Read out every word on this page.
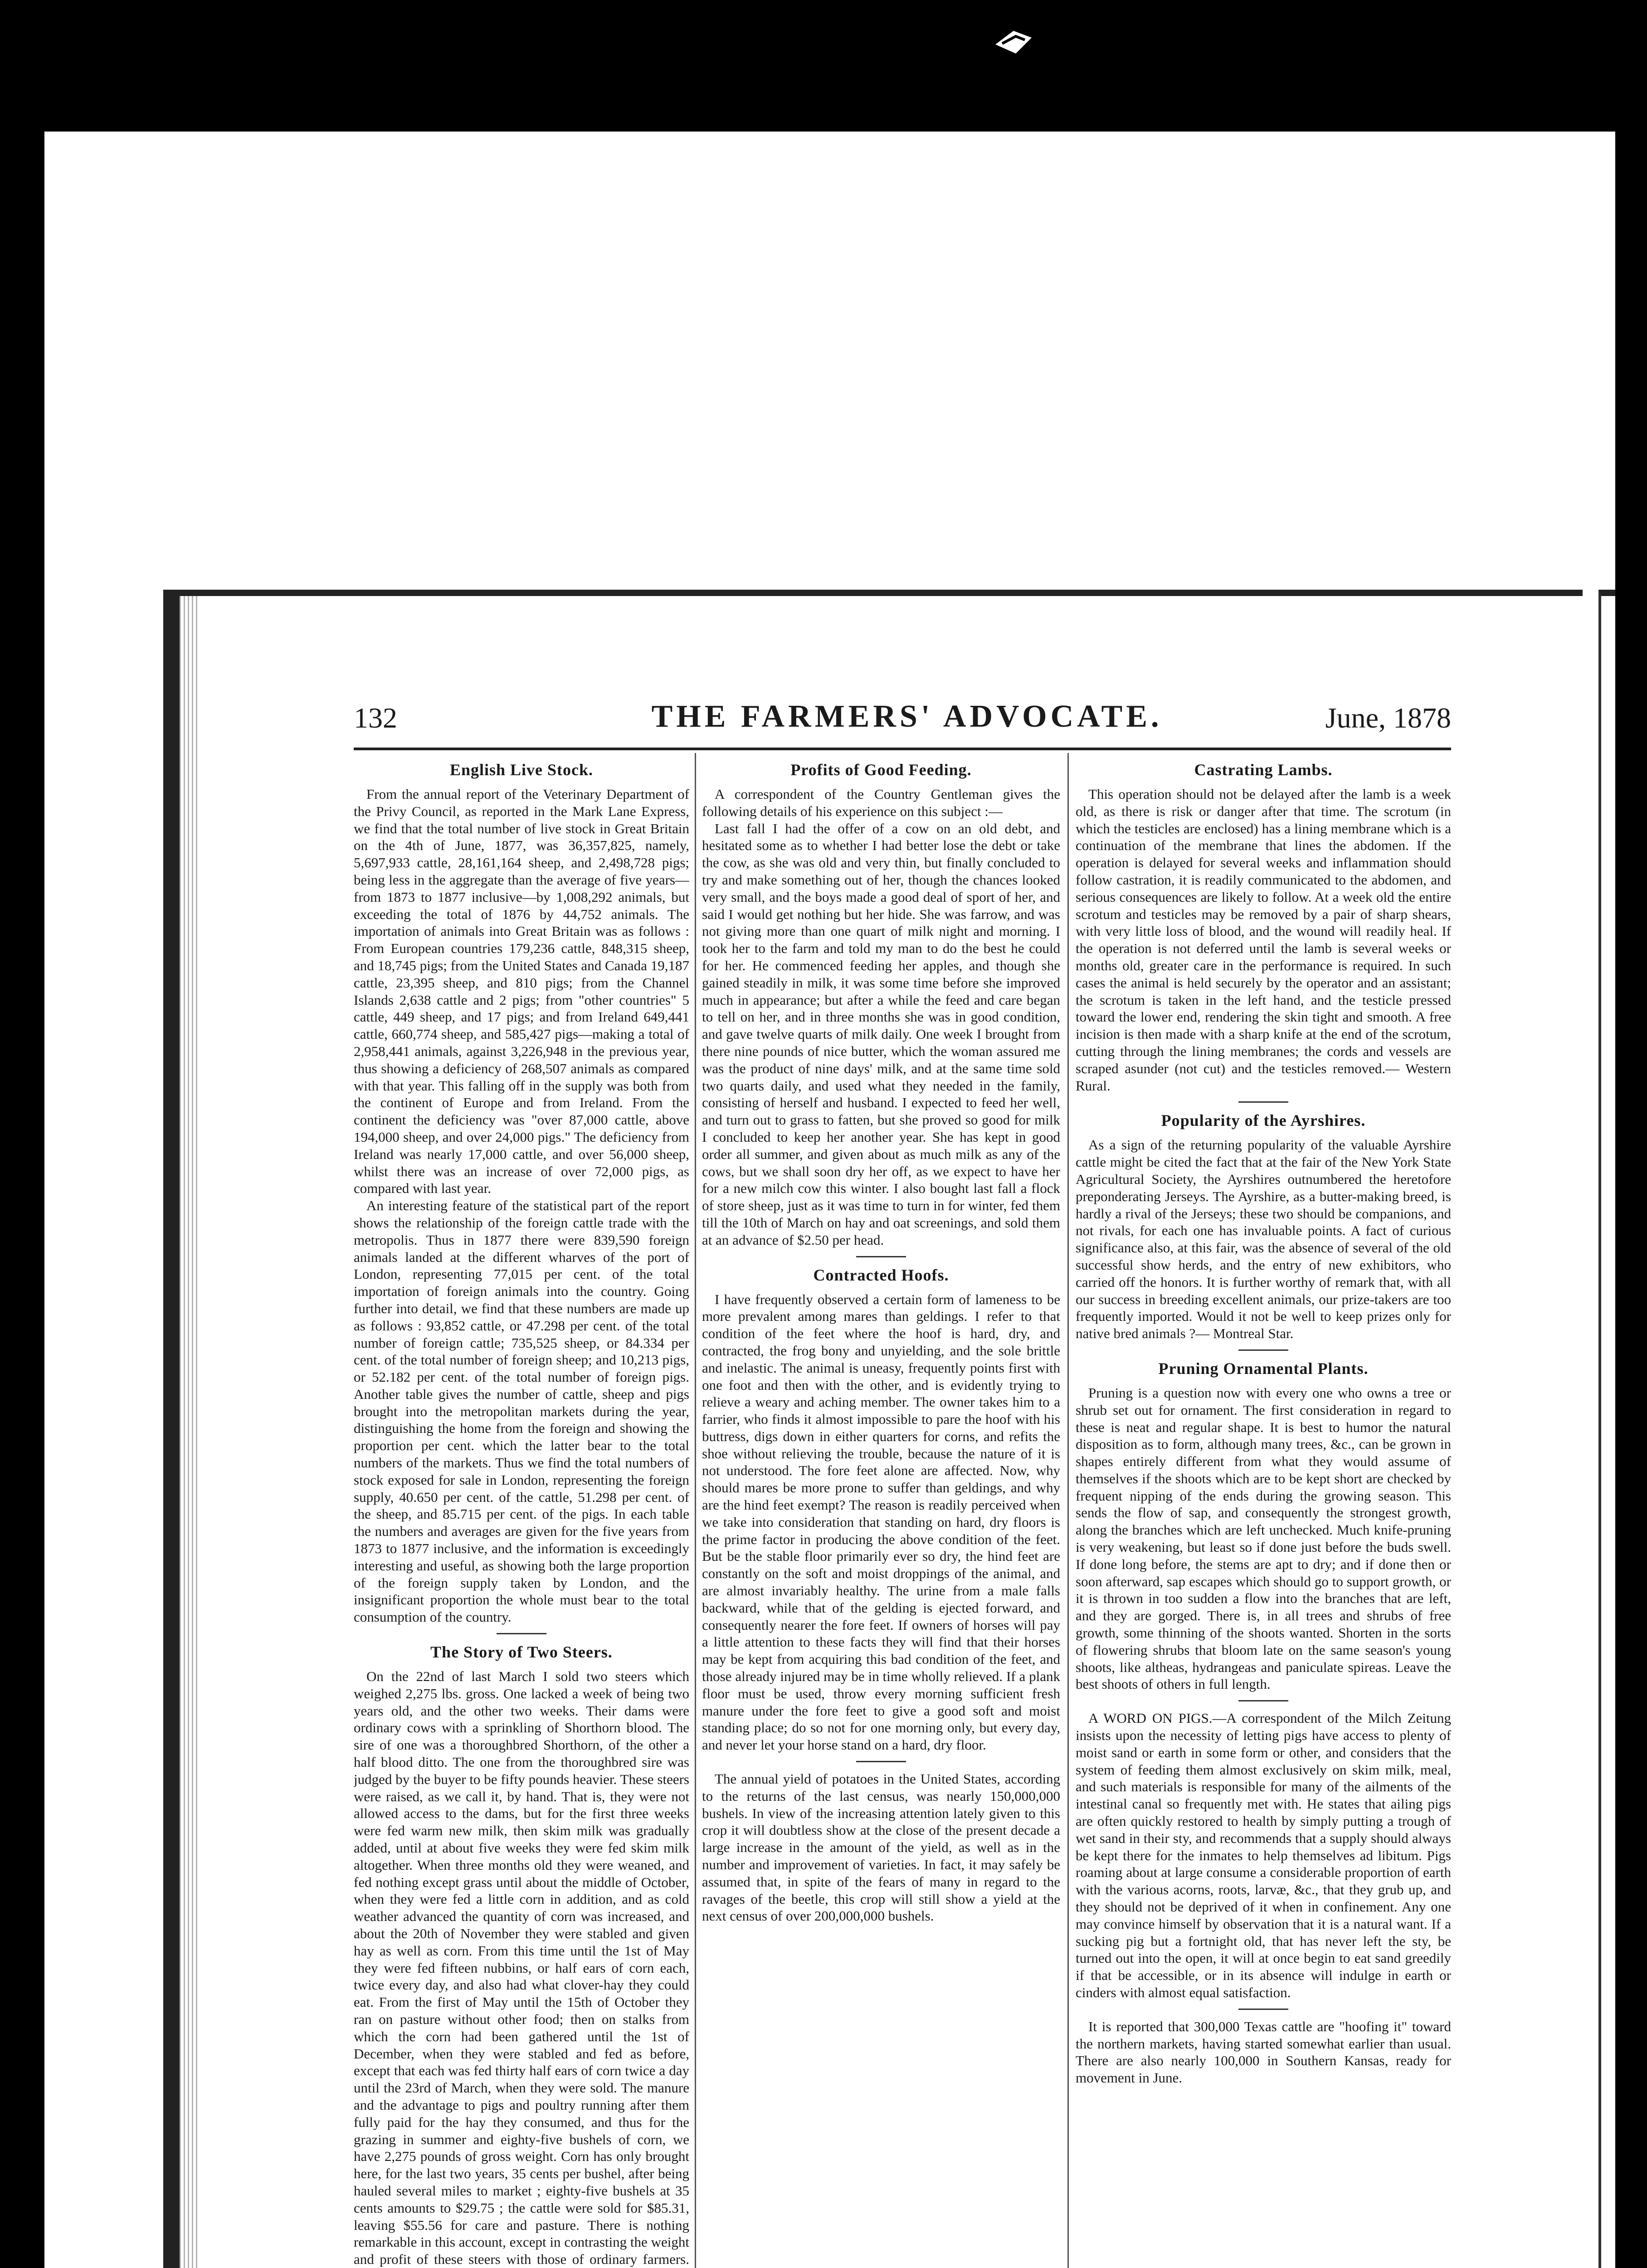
132	THE FARMERS' ADVOCATE.	June, 1878
English Live Stock.

From the annual report of the Veterinary Department of the Privy Council, as reported in the Mark Lane Express, we find that the total number of live stock in Great Britain on the 4th of June, 1877, was 36,357,825, namely, 5,697,933 cattle, 28,161,164 sheep, and 2,498,728 pigs; being less in the aggregate than the average of five years—from 1873 to 1877 inclusive—by 1,008,292 animals, but exceeding the total of 1876 by 44,752 animals. The importation of animals into Great Britain was as follows : From European countries 179,236 cattle, 848,315 sheep, and 18,745 pigs; from the United States and Canada 19,187 cattle, 23,395 sheep, and 810 pigs; from the Channel Islands 2,638 cattle and 2 pigs; from "other countries" 5 cattle, 449 sheep, and 17 pigs; and from Ireland 649,441 cattle, 660,774 sheep, and 585,427 pigs—making a total of 2,958,441 animals, against 3,226,948 in the previous year, thus showing a deficiency of 268,507 animals as compared with that year. This falling off in the supply was both from the continent of Europe and from Ireland. From the continent the deficiency was "over 87,000 cattle, above 194,000 sheep, and over 24,000 pigs." The deficiency from Ireland was nearly 17,000 cattle, and over 56,000 sheep, whilst there was an increase of over 72,000 pigs, as compared with last year.

An interesting feature of the statistical part of the report shows the relationship of the foreign cattle trade with the metropolis. Thus in 1877 there were 839,590 foreign animals landed at the different wharves of the port of London, representing 77,015 per cent. of the total importation of foreign animals into the country. Going further into detail, we find that these numbers are made up as follows : 93,852 cattle, or 47.298 per cent. of the total number of foreign cattle; 735,525 sheep, or 84.334 per cent. of the total number of foreign sheep; and 10,213 pigs, or 52.182 per cent. of the total number of foreign pigs. Another table gives the number of cattle, sheep and pigs brought into the metropolitan markets during the year, distinguishing the home from the foreign and showing the proportion per cent. which the latter bear to the total numbers of the markets. Thus we find the total numbers of stock exposed for sale in London, representing the foreign supply, 40.650 per cent. of the cattle, 51.298 per cent. of the sheep, and 85.715 per cent. of the pigs. In each table the numbers and averages are given for the five years from 1873 to 1877 inclusive, and the information is exceedingly interesting and useful, as showing both the large proportion of the foreign supply taken by London, and the insignificant proportion the whole must bear to the total consumption of the country.

The Story of Two Steers.

On the 22nd of last March I sold two steers which weighed 2,275 lbs. gross. One lacked a week of being two years old, and the other two weeks. Their dams were ordinary cows with a sprinkling of Shorthorn blood. The sire of one was a thoroughbred Shorthorn, of the other a half blood ditto. The one from the thoroughbred sire was judged by the buyer to be fifty pounds heavier. These steers were raised, as we call it, by hand. That is, they were not allowed access to the dams, but for the first three weeks were fed warm new milk, then skim milk was gradually added, until at about five weeks they were fed skim milk altogether. When three months old they were weaned, and fed nothing except grass until about the middle of October, when they were fed a little corn in addition, and as cold weather advanced the quantity of corn was increased, and about the 20th of November they were stabled and given hay as well as corn. From this time until the 1st of May they were fed fifteen nubbins, or half ears of corn each, twice every day, and also had what clover-hay they could eat. From the first of May until the 15th of October they ran on pasture without other food; then on stalks from which the corn had been gathered until the 1st of December, when they were stabled and fed as before, except that each was fed thirty half ears of corn twice a day until the 23rd of March, when they were sold. The manure and the advantage to pigs and poultry running after them fully paid for the hay they consumed, and thus for the grazing in summer and eighty-five bushels of corn, we have 2,275 pounds of gross weight. Corn has only brought here, for the last two years, 35 cents per bushel, after being hauled several miles to market ; eighty-five bushels at 35 cents amounts to $29.75 ; the cattle were sold for $85.31, leaving $55.56 for care and pasture. There is nothing remarkable in this account, except in contrasting the weight and profit of these steers with those of ordinary farmers.

Profits of Good Feeding.

A correspondent of the Country Gentleman gives the following details of his experience on this subject :—

Last fall I had the offer of a cow on an old debt, and hesitated some as to whether I had better lose the debt or take the cow, as she was old and very thin, but finally concluded to try and make something out of her, though the chances looked very small, and the boys made a good deal of sport of her, and said I would get nothing but her hide. She was farrow, and was not giving more than one quart of milk night and morning. I took her to the farm and told my man to do the best he could for her. He commenced feeding her apples, and though she gained steadily in milk, it was some time before she improved much in appearance; but after a while the feed and care began to tell on her, and in three months she was in good condition, and gave twelve quarts of milk daily. One week I brought from there nine pounds of nice butter, which the woman assured me was the product of nine days' milk, and at the same time sold two quarts daily, and used what they needed in the family, consisting of herself and husband. I expected to feed her well, and turn out to grass to fatten, but she proved so good for milk I concluded to keep her another year. She has kept in good order all summer, and given about as much milk as any of the cows, but we shall soon dry her off, as we expect to have her for a new milch cow this winter. I also bought last fall a flock of store sheep, just as it was time to turn in for winter, fed them till the 10th of March on hay and oat screenings, and sold them at an advance of $2.50 per head.

Contracted Hoofs.

I have frequently observed a certain form of lameness to be more prevalent among mares than geldings. I refer to that condition of the feet where the hoof is hard, dry, and contracted, the frog bony and unyielding, and the sole brittle and inelastic. The animal is uneasy, frequently points first with one foot and then with the other, and is evidently trying to relieve a weary and aching member. The owner takes him to a farrier, who finds it almost impossible to pare the hoof with his buttress, digs down in either quarters for corns, and refits the shoe without relieving the trouble, because the nature of it is not understood. The fore feet alone are affected. Now, why should mares be more prone to suffer than geldings, and why are the hind feet exempt? The reason is readily perceived when we take into consideration that standing on hard, dry floors is the prime factor in producing the above condition of the feet. But be the stable floor primarily ever so dry, the hind feet are constantly on the soft and moist droppings of the animal, and are almost invariably healthy. The urine from a male falls backward, while that of the gelding is ejected forward, and consequently nearer the fore feet. If owners of horses will pay a little attention to these facts they will find that their horses may be kept from acquiring this bad condition of the feet, and those already injured may be in time wholly relieved. If a plank floor must be used, throw every morning sufficient fresh manure under the fore feet to give a good soft and moist standing place; do so not for one morning only, but every day, and never let your horse stand on a hard, dry floor.

The annual yield of potatoes in the United States, according to the returns of the last census, was nearly 150,000,000 bushels. In view of the increasing attention lately given to this crop it will doubtless show at the close of the present decade a large increase in the amount of the yield, as well as in the number and improvement of varieties. In fact, it may safely be assumed that, in spite of the fears of many in regard to the ravages of the beetle, this crop will still show a yield at the next census of over 200,000,000 bushels.

Castrating Lambs.

This operation should not be delayed after the lamb is a week old, as there is risk or danger after that time. The scrotum (in which the testicles are enclosed) has a lining membrane which is a continuation of the membrane that lines the abdomen. If the operation is delayed for several weeks and inflammation should follow castration, it is readily communicated to the abdomen, and serious consequences are likely to follow. At a week old the entire scrotum and testicles may be removed by a pair of sharp shears, with very little loss of blood, and the wound will readily heal. If the operation is not deferred until the lamb is several weeks or months old, greater care in the performance is required. In such cases the animal is held securely by the operator and an assistant; the scrotum is taken in the left hand, and the testicle pressed toward the lower end, rendering the skin tight and smooth. A free incision is then made with a sharp knife at the end of the scrotum, cutting through the lining membranes; the cords and vessels are scraped asunder (not cut) and the testicles removed.— Western Rural.

Popularity of the Ayrshires.

As a sign of the returning popularity of the valuable Ayrshire cattle might be cited the fact that at the fair of the New York State Agricultural Society, the Ayrshires outnumbered the heretofore preponderating Jerseys. The Ayrshire, as a butter-making breed, is hardly a rival of the Jerseys; these two should be companions, and not rivals, for each one has invaluable points. A fact of curious significance also, at this fair, was the absence of several of the old successful show herds, and the entry of new exhibitors, who carried off the honors. It is further worthy of remark that, with all our success in breeding excellent animals, our prize-takers are too frequently imported. Would it not be well to keep prizes only for native bred animals ?— Montreal Star.

Pruning Ornamental Plants.

Pruning is a question now with every one who owns a tree or shrub set out for ornament. The first consideration in regard to these is neat and regular shape. It is best to humor the natural disposition as to form, although many trees, &c., can be grown in shapes entirely different from what they would assume of themselves if the shoots which are to be kept short are checked by frequent nipping of the ends during the growing season. This sends the flow of sap, and consequently the strongest growth, along the branches which are left unchecked. Much knife-pruning is very weakening, but least so if done just before the buds swell. If done long before, the stems are apt to dry; and if done then or soon afterward, sap escapes which should go to support growth, or it is thrown in too sudden a flow into the branches that are left, and they are gorged. There is, in all trees and shrubs of free growth, some thinning of the shoots wanted. Shorten in the sorts of flowering shrubs that bloom late on the same season's young shoots, like altheas, hydrangeas and paniculate spireas. Leave the best shoots of others in full length.

A WORD ON PIGS.—A correspondent of the Milch Zeitung insists upon the necessity of letting pigs have access to plenty of moist sand or earth in some form or other, and considers that the system of feeding them almost exclusively on skim milk, meal, and such materials is responsible for many of the ailments of the intestinal canal so frequently met with. He states that ailing pigs are often quickly restored to health by simply putting a trough of wet sand in their sty, and recommends that a supply should always be kept there for the inmates to help themselves ad libitum. Pigs roaming about at large consume a considerable proportion of earth with the various acorns, roots, larvæ, &c., that they grub up, and they should not be deprived of it when in confinement. Any one may convince himself by observation that it is a natural want. If a sucking pig but a fortnight old, that has never left the sty, be turned out into the open, it will at once begin to eat sand greedily if that be accessible, or in its absence will indulge in earth or cinders with almost equal satisfaction.

It is reported that 300,000 Texas cattle are "hoofing it" toward the northern markets, having started somewhat earlier than usual. There are also nearly 100,000 in Southern Kansas, ready for movement in June.
